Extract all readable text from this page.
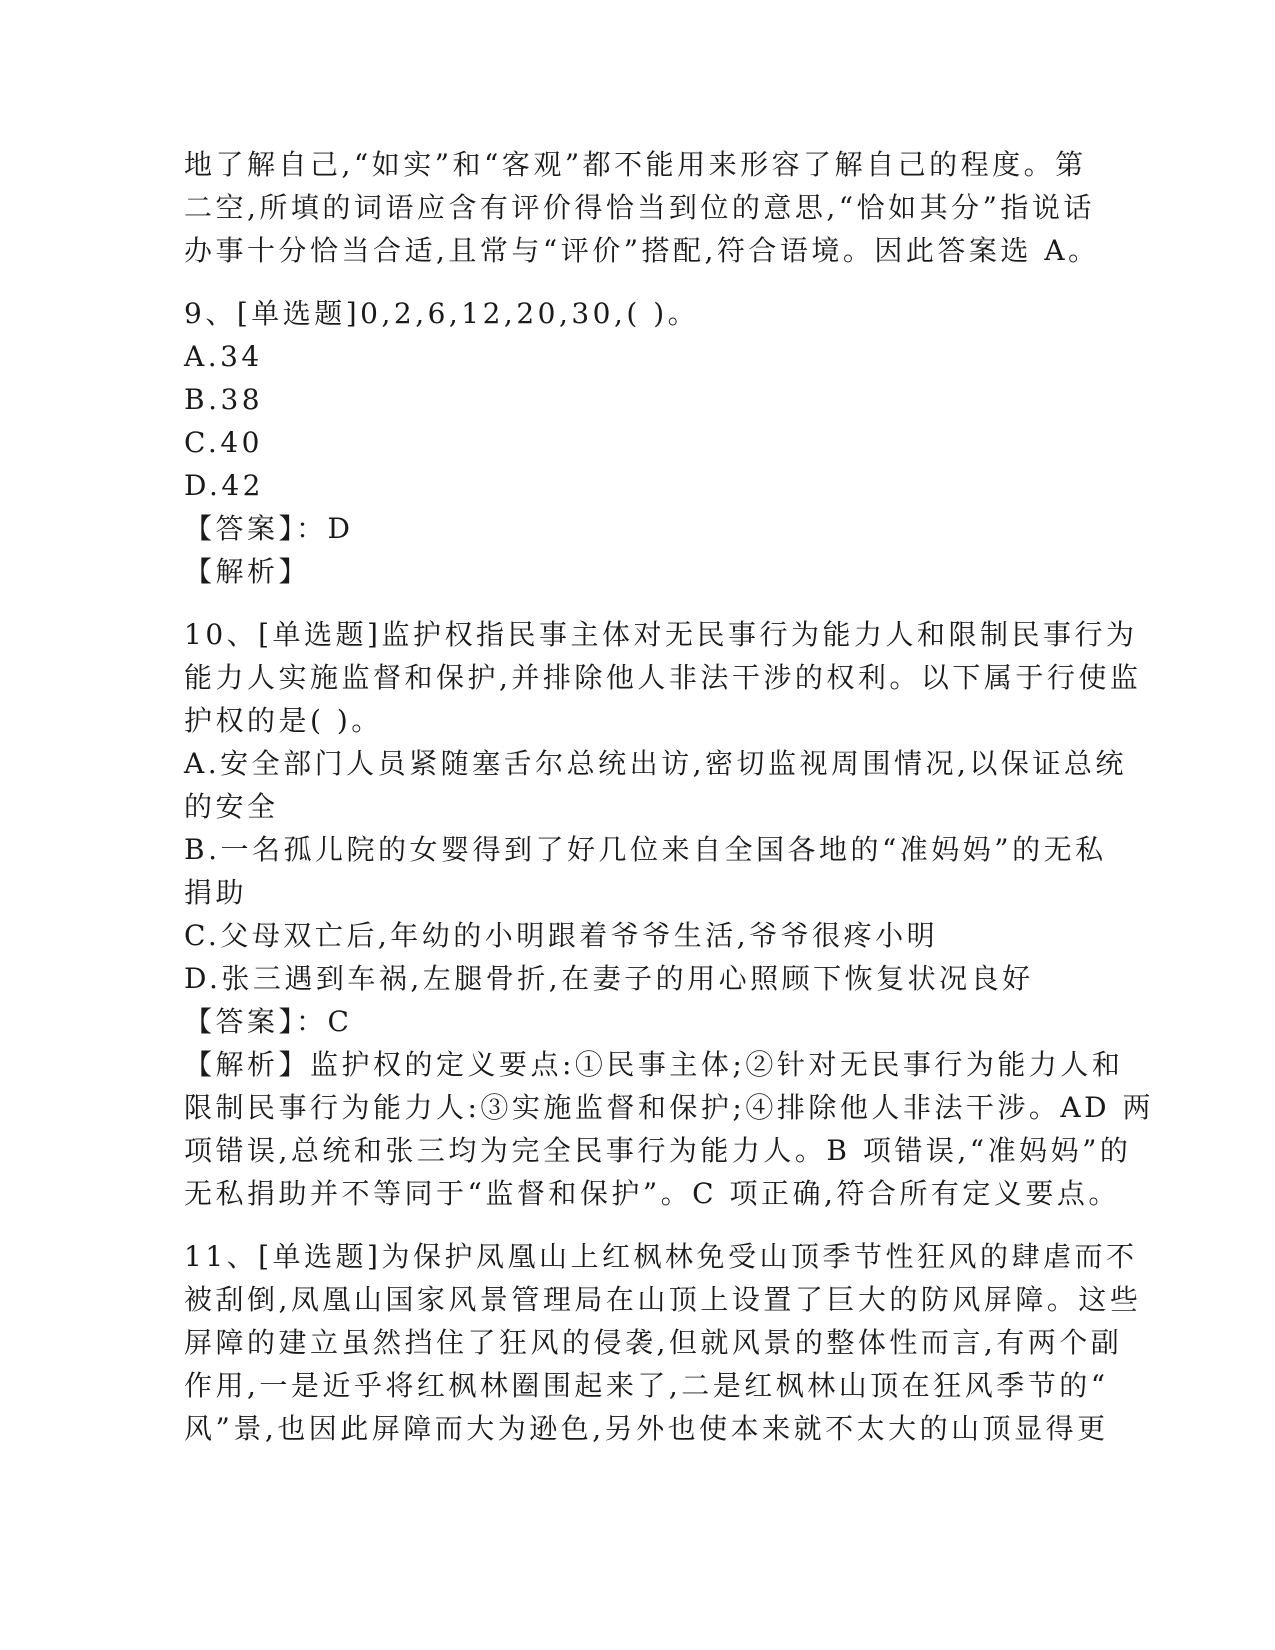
地了解自己,“如实”和“客观”都不能用来形容了解自己的程度。第
二空,所填的词语应含有评价得恰当到位的意思,“恰如其分”指说话
办事十分恰当合适,且常与“评价”搭配,符合语境。因此答案选 A。
9、[单选题]0,2,6,12,20,30,( )。
A.34
B.38
C.40
D.42
【答案】：D
【解析】
10、[单选题]监护权指民事主体对无民事行为能力人和限制民事行为
能力人实施监督和保护,并排除他人非法干涉的权利。以下属于行使监
护权的是( )。
A.安全部门人员紧随塞舌尔总统出访,密切监视周围情况,以保证总统
的安全
B.一名孤儿院的女婴得到了好几位来自全国各地的“准妈妈”的无私
捐助
C.父母双亡后,年幼的小明跟着爷爷生活,爷爷很疼小明
D.张三遇到车祸,左腿骨折,在妻子的用心照顾下恢复状况良好
【答案】：C
【解析】监护权的定义要点:①民事主体;②针对无民事行为能力人和
限制民事行为能力人:③实施监督和保护;④排除他人非法干涉。AD 两
项错误,总统和张三均为完全民事行为能力人。B 项错误,“准妈妈”的
无私捐助并不等同于“监督和保护”。C 项正确,符合所有定义要点。
11、[单选题]为保护凤凰山上红枫林免受山顶季节性狂风的肆虐而不
被刮倒,凤凰山国家风景管理局在山顶上设置了巨大的防风屏障。这些
屏障的建立虽然挡住了狂风的侵袭,但就风景的整体性而言,有两个副
作用,一是近乎将红枫林圈围起来了,二是红枫林山顶在狂风季节的“
风”景,也因此屏障而大为逊色,另外也使本来就不太大的山顶显得更
